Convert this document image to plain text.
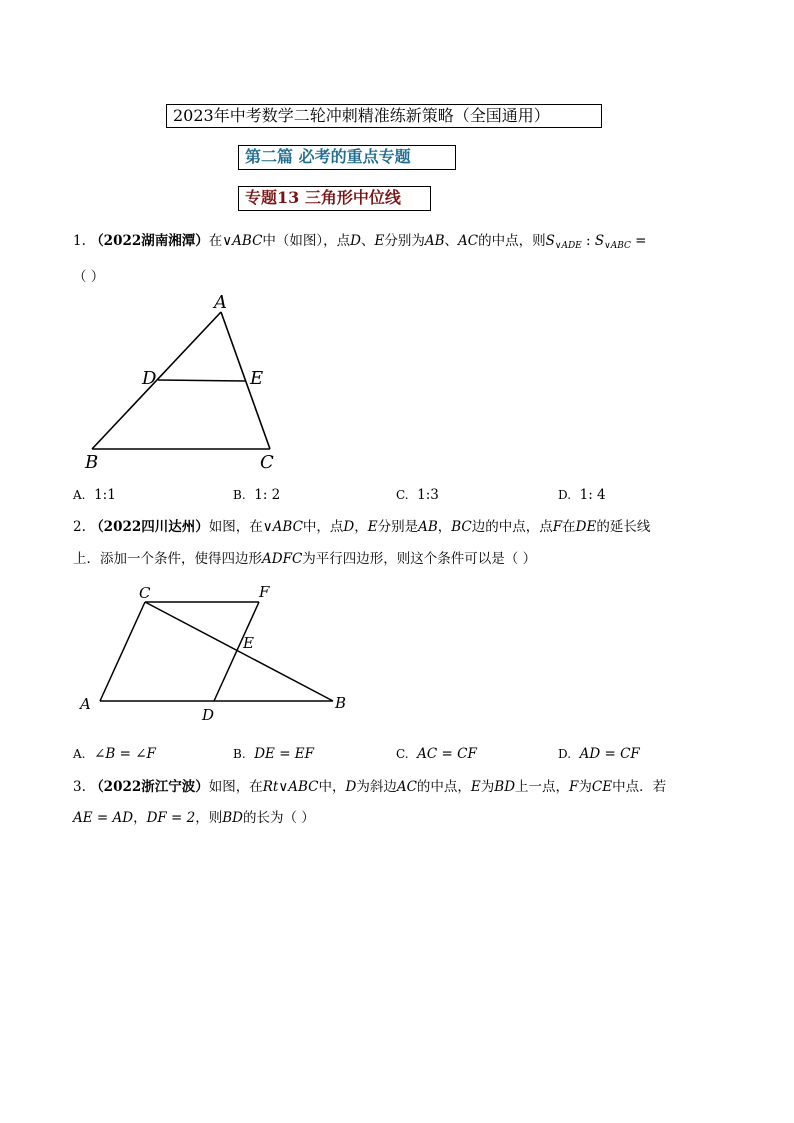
2023年中考数学二轮冲刺精准练新策略（全国通用）
第二篇 必考的重点专题
专题13 三角形中位线
1. （2022湖南湘潭）在∨ABC中（如图），点D、E分别为AB、AC的中点，则$S_{\vee ADE}$ : $S_{\vee ABC}$ =
（ ）
A
D	E
B	C
A. 1:1	B. 1: 2	C. 1:3	D. 1: 4
2. （2022四川达州）如图，在∨ABC中，点D，E分别是AB，BC边的中点，点F在DE的延长线
上．添加一个条件，使得四边形ADFC为平行四边形，则这个条件可以是（ ）
C	F
E
A
D
B
A. ∠B = ∠F	B. DE = EF	C. AC = CF	D. AD = CF
3. （2022浙江宁波）如图，在Rt∨ABC中，D为斜边AC的中点，E为BD上一点，F为CE中点．若
AE = AD，DF = 2，则BD的长为（ ）
